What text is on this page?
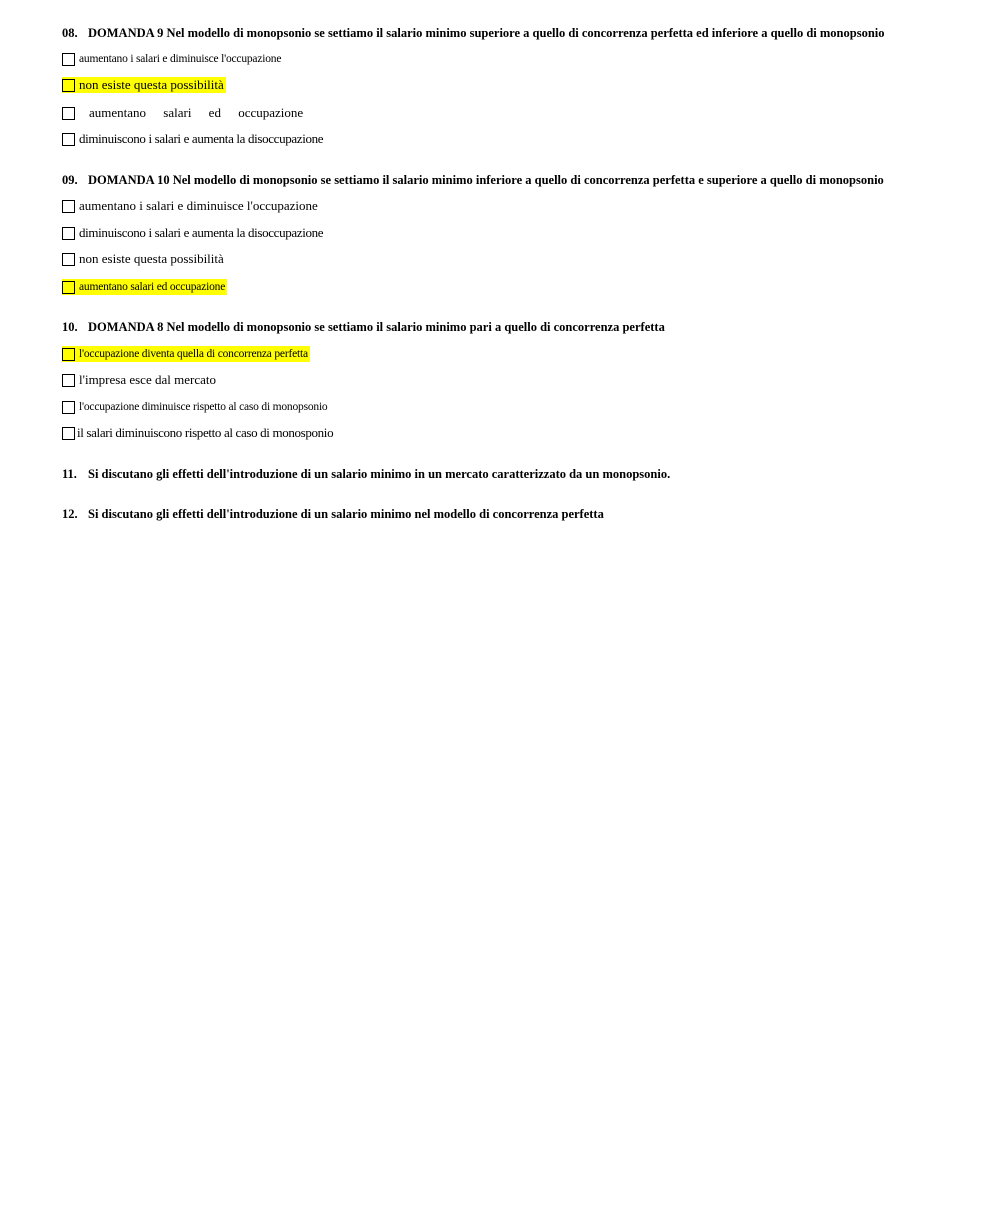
08. DOMANDA 9 Nel modello di monopsonio se settiamo il salario minimo superiore a quello di concorrenza perfetta ed inferiore a quello di monopsonio
aumentano i salari e diminuisce l'occupazione
non esiste questa possibilità
aumentano salari ed occupazione
diminuiscono i salari e aumenta la disoccupazione
09. DOMANDA 10 Nel modello di monopsonio se settiamo il salario minimo inferiore a quello di concorrenza perfetta e superiore a quello di monopsonio
aumentano i salari e diminuisce l'occupazione
diminuiscono i salari e aumenta la disoccupazione
non esiste questa possibilità
aumentano salari ed occupazione
10. DOMANDA 8 Nel modello di monopsonio se settiamo il salario minimo pari a quello di concorrenza perfetta
l'occupazione diventa quella di concorrenza perfetta
l'impresa esce dal mercato
l'occupazione diminuisce rispetto al caso di monopsonio
il salari diminuiscono rispetto al caso di monosponio
11. Si discutano gli effetti dell'introduzione di un salario minimo in un mercato caratterizzato da un monopsonio.
12. Si discutano gli effetti dell'introduzione di un salario minimo nel modello di concorrenza perfetta
